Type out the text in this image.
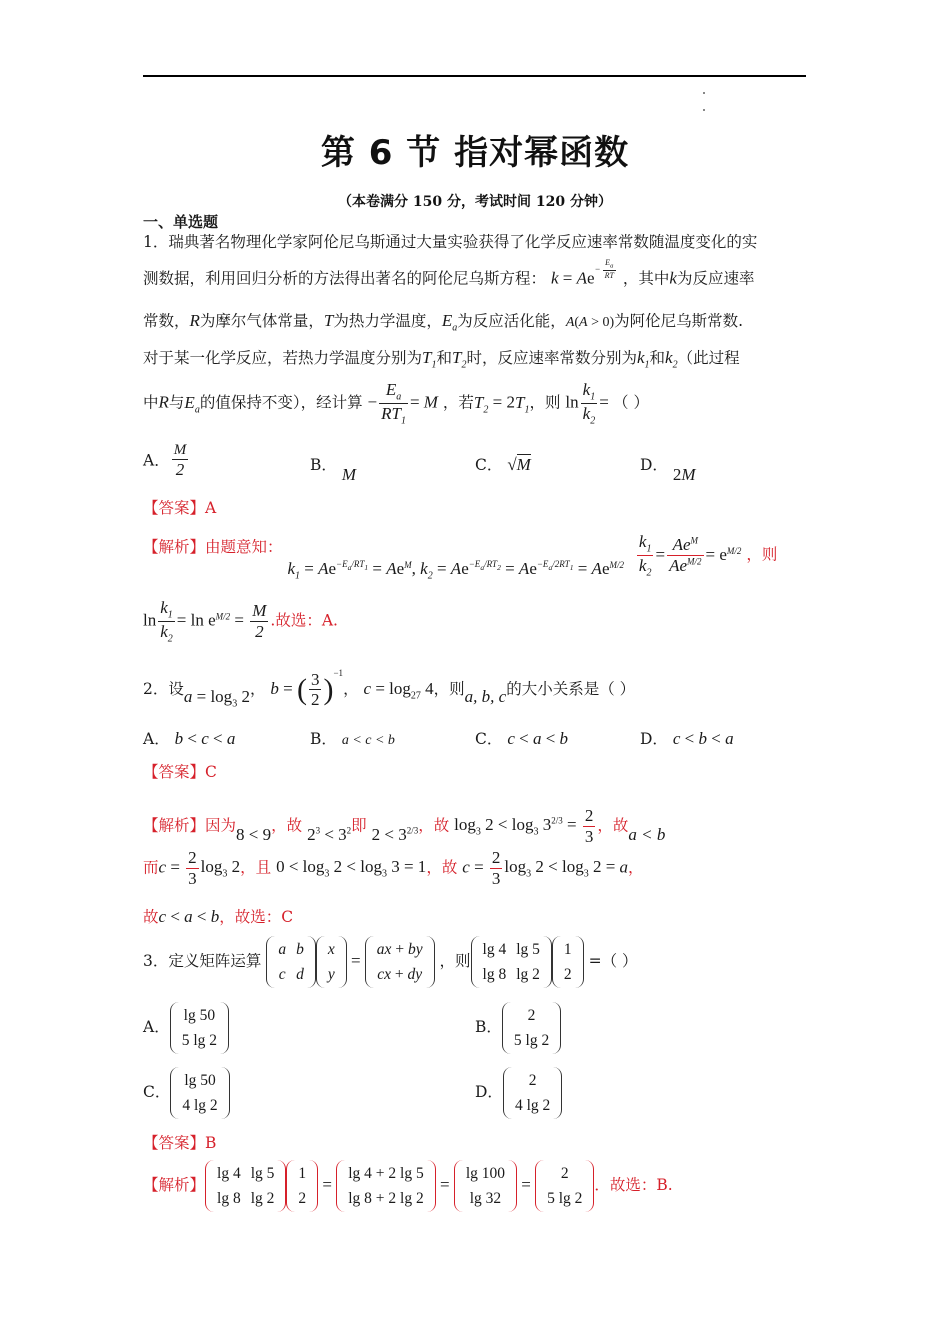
第 6 节 指对幂函数
（本卷满分 150 分，考试时间 120 分钟）
一、单选题
1．瑞典著名物理化学家阿伦尼乌斯通过大量实验获得了化学反应速率常数随温度变化的实
测数据，利用回归分析的方法得出著名的阿伦尼乌斯方程： $k = Ae^{- \frac{E_a}{RT}}$ ，其中k为反应速率
常数，R为摩尔气体常量，T为热力学温度，$E_a$为反应活化能，A(A > 0)为阿伦尼乌斯常数.
对于某一化学反应，若热力学温度分别为$T_1$和$T_2$时，反应速率常数分别为$k_1$和$k_2$（此过程
中R与$E_a$的值保持不变），经计算 − $\frac{E_a}{RT_1} = M$ ，若$T_2 = 2T_1$，则 $\ln \frac{k_1}{k_2}$ = （ ）
A． $\frac{M}{2}$	B． M	C． √M	D． 2M
【答案】A
【解析】由题意知： $k_1 = Ae^{-E_a/RT_1} = Ae^M$, $k_2 = Ae^{-E_a/RT_2} = Ae^{-E_a/2RT_1} = Ae^{M/2} \frac{k_1}{k_2} = \frac{Ae^M}{Ae^{M/2}} = e^{M/2}$ ，则
$\ln \frac{k_1}{k_2} = \ln e^{M/2} = \frac{M}{2}$ .故选：A.
2．设$a = \log_3 2$， b = ( $\frac{3}{2} )^{-1}$， $c = \log_{27} 4$，则a, b, c的大小关系是（ ）
A． b < c < a	B． a < c < b	C． c < a < b	D． c < b < a
【答案】C
【解析】因为8 < 9，故 $2^3 < 3^2$即 $2 < 3^{2/3}$，故 $\log_3 2 < \log_3 3^{2/3} = \frac{2}{3}$ ，故a < b
而$c = \frac{2}{3} \log_3 2$，且 $0 < \log_3 2 < \log_3 3 = 1$，故 $c = \frac{2}{3} \log_3 2 < \log_3 2 = a$，
故c < a < b，故选：C
3．定义矩阵运算
a	b
c	d
x
y
=
ax + by
cx + dy
，则
lg 4	lg 5
lg 8	lg 2
1
2
=（ ）
A．
lg 50
5 lg 2
B．
2
5 lg 2
C．
lg 50
4 lg 2
D．
2
4 lg 2
【答案】B
【解析】
lg 4	lg 5
lg 8	lg 2
1
2
=
lg 4 + 2 lg 5
lg 8 + 2 lg 2
=
lg 100
lg 32
=
2
5 lg 2
．故选：B.
